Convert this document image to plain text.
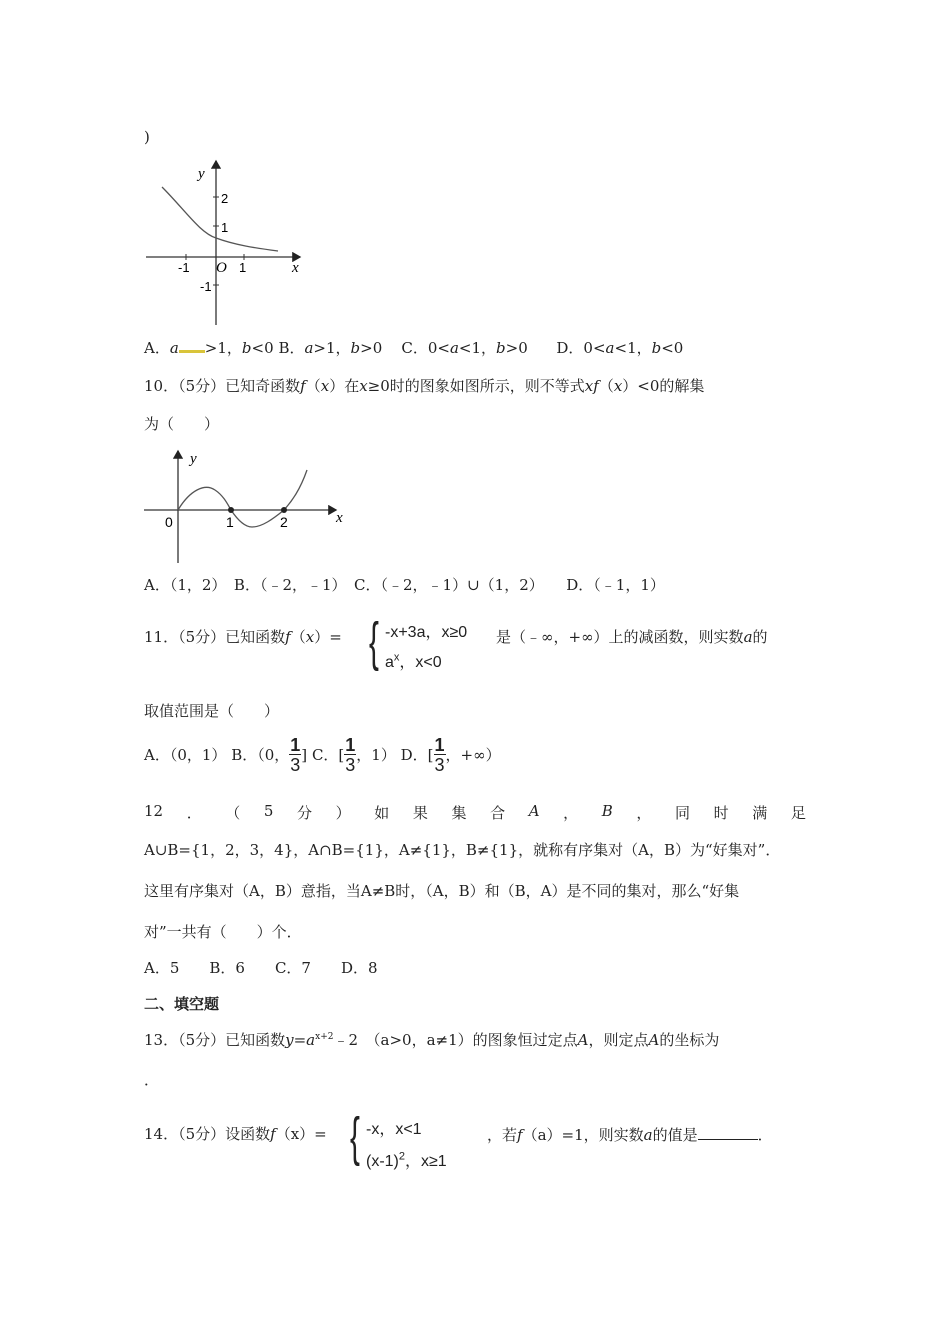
)
y
x
O
2
1
-1
-1	1
A．a >1，b<0 B．a>1，b>0 C．0<a<1，b>0 D．0<a<1，b<0
10．（5分）已知奇函数f（x）在x≥0时的图象如图所示，则不等式xf（x）<0的解集
为（　　）
y
x
0	1	2
A．（1，2）　B．（﹣2，﹣1）　C．（﹣2，﹣1）∪（1，2）　　D．（﹣1，1）
11．（5分）已知函数f（x）= { -x+3a，x≥0
$a^x$，x<0
是（﹣∞，+∞）上的减函数，则实数a的
取值范围是（　　）
A．（0，1） B．（0， $\frac{1}{3}$ ] C．[ $\frac{1}{3}$ ，1） D．[ $\frac{1}{3}$ ，+∞）
12 ． （ 5 分 ） 如 果 集 合 A ， B ， 同 时 满 足
A∪B={1，2，3，4}，A∩B={1}，A≠{1}，B≠{1}，就称有序集对（A，B）为“好集对”．
这里有序集对（A，B）意指，当A≠B时，（A，B）和（B，A）是不同的集对，那么“好集
对”一共有（　　）个．
A．5　　B．6　　C．7　　D．8
二、填空题
13．（5分）已知函数$y=a^{x+2}﹣2$　（a>0，a≠1）的图象恒过定点A，则定点A的坐标为
．
14．（5分）设函数f（x）= { -x，x<1
$(x-1)^2$，x≥1
，若f（a）=1，则实数a的值是	．
